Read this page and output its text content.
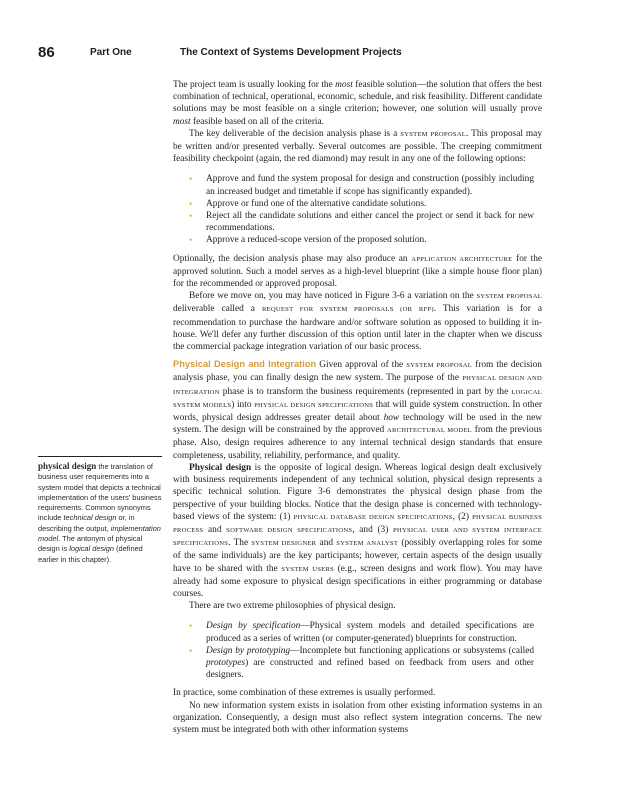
86	Part One	The Context of Systems Development Projects

The project team is usually looking for the most feasible solution—the solution that offers the best combination of technical, operational, economic, schedule, and risk feasibility. Different candidate solutions may be most feasible on a single criterion; however, one solution will usually prove most feasible based on all of the criteria.

The key deliverable of the decision analysis phase is a SYSTEM PROPOSAL. This proposal may be written and/or presented verbally. Several outcomes are possible. The creeping commitment feasibility checkpoint (again, the red diamond) may result in any one of the following options:

• Approve and fund the system proposal for design and construction (possibly including an increased budget and timetable if scope has significantly expanded).
• Approve or fund one of the alternative candidate solutions.
• Reject all the candidate solutions and either cancel the project or send it back for new recommendations.
• Approve a reduced-scope version of the proposed solution.

Optionally, the decision analysis phase may also produce an APPLICATION ARCHITECTURE for the approved solution. Such a model serves as a high-level blueprint (like a simple house floor plan) for the recommended or approved proposal.

Before we move on, you may have noticed in Figure 3-6 a variation on the SYSTEM PROPOSAL deliverable called a REQUEST FOR SYSTEM PROPOSALS (OR RFP). This variation is for a recommendation to purchase the hardware and/or software solution as opposed to building it in-house. We'll defer any further discussion of this option until later in the chapter when we discuss the commercial package integration variation of our basic process.

Physical Design and Integration Given approval of the SYSTEM PROPOSAL from the decision analysis phase, you can finally design the new system. The purpose of the PHYSICAL DESIGN AND INTEGRATION phase is to transform the business requirements (represented in part by the LOGICAL SYSTEM MODELS) into PHYSICAL DESIGN SPECIFICATIONS that will guide system construction. In other words, physical design addresses greater detail about how technology will be used in the new system. The design will be constrained by the approved ARCHITECTURAL MODEL from the previous phase. Also, design requires adherence to any internal technical design standards that ensure completeness, usability, reliability, performance, and quality.

Physical design is the opposite of logical design. Whereas logical design dealt exclusively with business requirements independent of any technical solution, physical design represents a specific technical solution. Figure 3-6 demonstrates the physical design phase from the perspective of your building blocks. Notice that the design phase is concerned with technology-based views of the system: (1) PHYSICAL DATABASE DESIGN SPECIFICATIONS, (2) PHYSICAL BUSINESS PROCESS and SOFTWARE DESIGN SPECIFICATIONS, and (3) PHYSICAL USER AND SYSTEM INTERFACE SPECIFICATIONS. The SYSTEM DESIGNER and SYSTEM ANALYST (possibly overlapping roles for some of the same individuals) are the key participants; however, certain aspects of the design usually have to be shared with the SYSTEM USERS (e.g., screen designs and work flow). You may have already had some exposure to physical design specifications in either programming or database courses.

There are two extreme philosophies of physical design.

• Design by specification—Physical system models and detailed specifications are produced as a series of written (or computer-generated) blueprints for construction.
• Design by prototyping—Incomplete but functioning applications or subsystems (called prototypes) are constructed and refined based on feedback from users and other designers.

In practice, some combination of these extremes is usually performed.

No new information system exists in isolation from other existing information systems in an organization. Consequently, a design must also reflect system integration concerns. The new system must be integrated both with other information systems

physical design the translation of business user requirements into a system model that depicts a technical implementation of the users' business requirements. Common synonyms include technical design or, in describing the output, implementation model. The antonym of physical design is logical design (defined earlier in this chapter).
